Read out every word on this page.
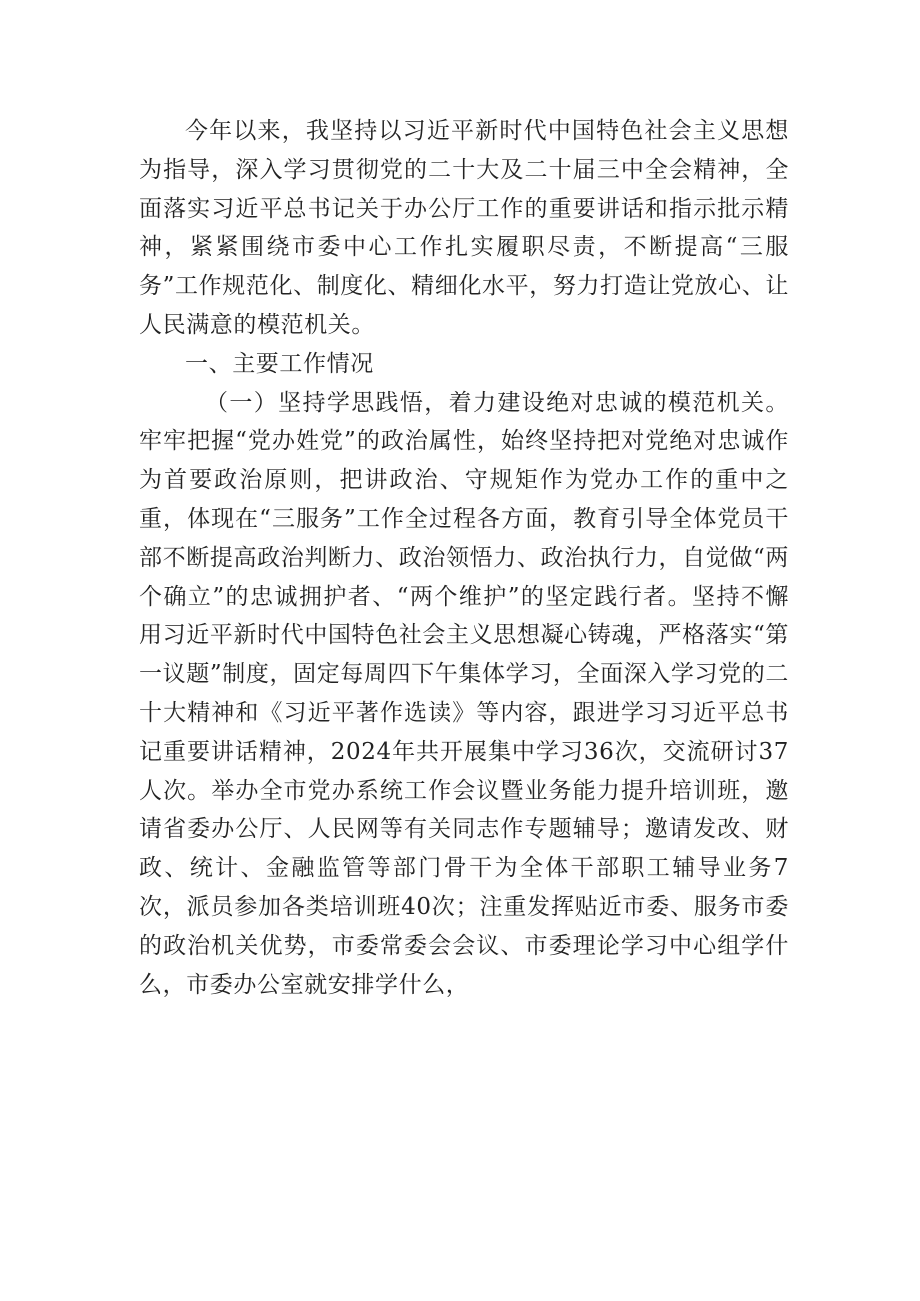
今年以来，我坚持以习近平新时代中国特色社会主义思想为指导，深入学习贯彻党的二十大及二十届三中全会精神，全面落实习近平总书记关于办公厅工作的重要讲话和指示批示精神，紧紧围绕市委中心工作扎实履职尽责，不断提高“三服务”工作规范化、制度化、精细化水平，努力打造让党放心、让人民满意的模范机关。

一、主要工作情况

（一）坚持学思践悟，着力建设绝对忠诚的模范机关。牢牢把握“党办姓党”的政治属性，始终坚持把对党绝对忠诚作为首要政治原则，把讲政治、守规矩作为党办工作的重中之重，体现在“三服务”工作全过程各方面，教育引导全体党员干部不断提高政治判断力、政治领悟力、政治执行力，自觉做“两个确立”的忠诚拥护者、“两个维护”的坚定践行者。坚持不懈用习近平新时代中国特色社会主义思想凝心铸魂，严格落实“第一议题”制度，固定每周四下午集体学习，全面深入学习党的二十大精神和《习近平著作选读》等内容，跟进学习习近平总书记重要讲话精神，2024年共开展集中学习36次，交流研讨37人次。举办全市党办系统工作会议暨业务能力提升培训班，邀请省委办公厅、人民网等有关同志作专题辅导；邀请发改、财政、统计、金融监管等部门骨干为全体干部职工辅导业务7次，派员参加各类培训班40次；注重发挥贴近市委、服务市委的政治机关优势，市委常委会会议、市委理论学习中心组学什么，市委办公室就安排学什么，
